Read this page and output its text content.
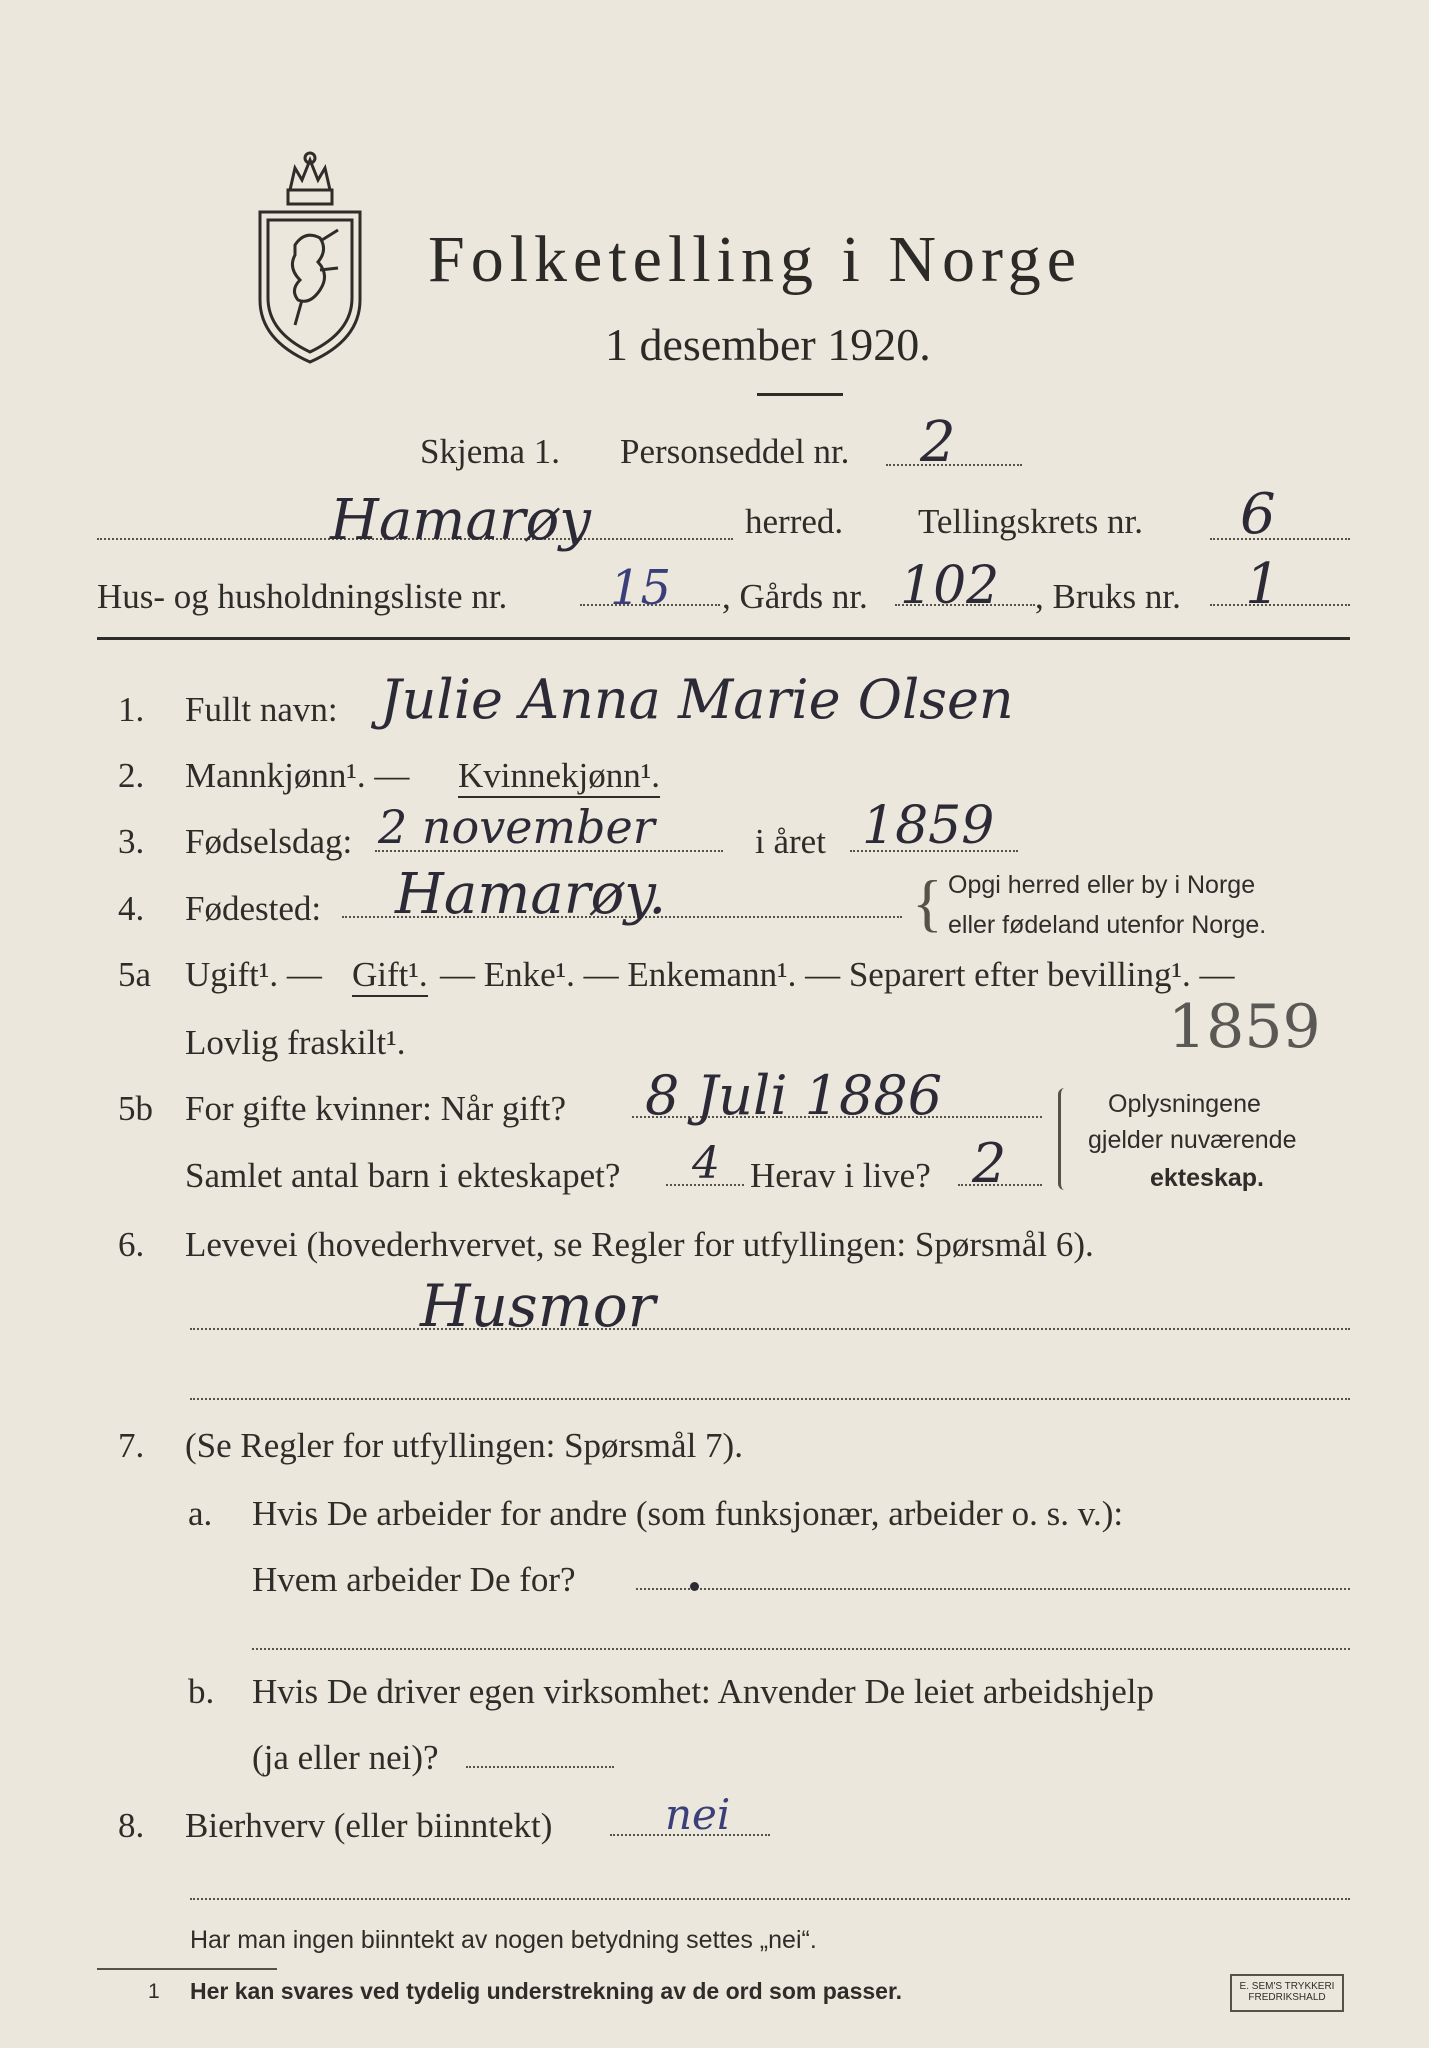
Folketelling i Norge
1 desember 1920.
Skjema 1. Personseddel nr. 2
Hamarøy	herred. Tellingskrets nr. 6
Hus- og husholdningsliste nr. 15 , Gårds nr. 102 , Bruks nr. 1
1. Fullt navn: Julie Anna Marie Olsen
2. Mannkjønn¹. — Kvinnekjønn¹.
3. Fødselsdag: 2 november	i året 1859
4. Fødested: Hamarøy.	{ Opgi herred eller by i Norge
eller fødeland utenfor Norge.
5a Ugift¹. — Gift¹. — Enke¹. — Enkemann¹. — Separert efter bevilling¹. —
Lovlig fraskilt¹.	1859
5b For gifte kvinner: Når gift? 8 Juli 1886
Samlet antal barn i ekteskapet? 4 Herav i live? 2
Oplysningene
gjelder nuværende
ekteskap.
6. Levevei (hovederhvervet, se Regler for utfyllingen: Spørsmål 6).
Husmor
7. (Se Regler for utfyllingen: Spørsmål 7).
a. Hvis De arbeider for andre (som funksjonær, arbeider o. s. v.):
Hvem arbeider De for?
b. Hvis De driver egen virksomhet: Anvender De leiet arbeidshjelp
(ja eller nei)?
8. Bierhverv (eller biinntekt)	nei
Har man ingen biinntekt av nogen betydning settes „nei“.
1 Her kan svares ved tydelig understrekning av de ord som passer.	E. SEM'S TRYKKERI
FREDRIKSHALD
